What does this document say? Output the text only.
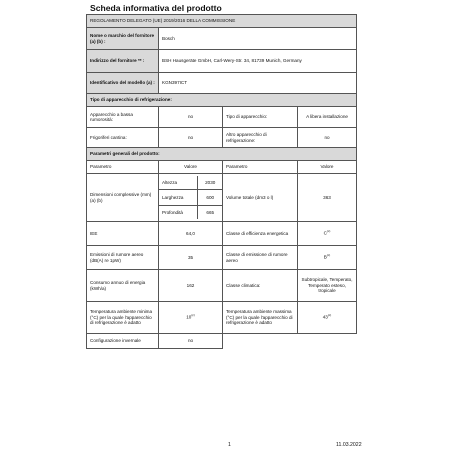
Scheda informativa del prodotto
REGOLAMENTO DELEGATO (UE) 2019/2016 DELLA COMMISSIONE
Nome o marchio del fornitore (a) (b) :	Bosch
Indirizzo del fornitore ** :	BSH Hausgeräte GmbH, Carl-Wery-Str. 34, 81739 Munich, Germany
Identificativo del modello (a) :	KGN397ICT
Tipo di apparecchio di refrigerazione:
Apparecchio a bassa rumorosità:	no	Tipo di apparecchio:	A libera installazione
Frigoriferi cantina:	no	Altro apparecchio di refrigerazione:	no
Parametri generali del prodotto:
Parametro	Valore	Parametro	Valore
Dimensioni complessive (mm) (a) (b)	
Altezza	2030
Larghezza	600
Profondità	665
	Volume totale (dm3 o l)	363
IEE	64,0	Classe di efficienza energetica	$C^{(c)}$
Emissioni di rumore aereo (dB(A) re 1pW)	35	Classe di emissione di rumore aereo	$B^{(c)}$
Consumo annuo di energia (kWh/a)	162	Classe climatica:	Subtropicale, Temperato, Temperato esteso, tropicale
Temperatura ambiente minima (°C) per la quale l'apparecchio di refrigerazione è adatto	10$^{(c)}$	Temperatura ambiente massima (°C) per la quale l'apparecchio di refrigerazione è adatto	43$^{(c)}$
Configurazione invernale	no		
1	11.03.2022
